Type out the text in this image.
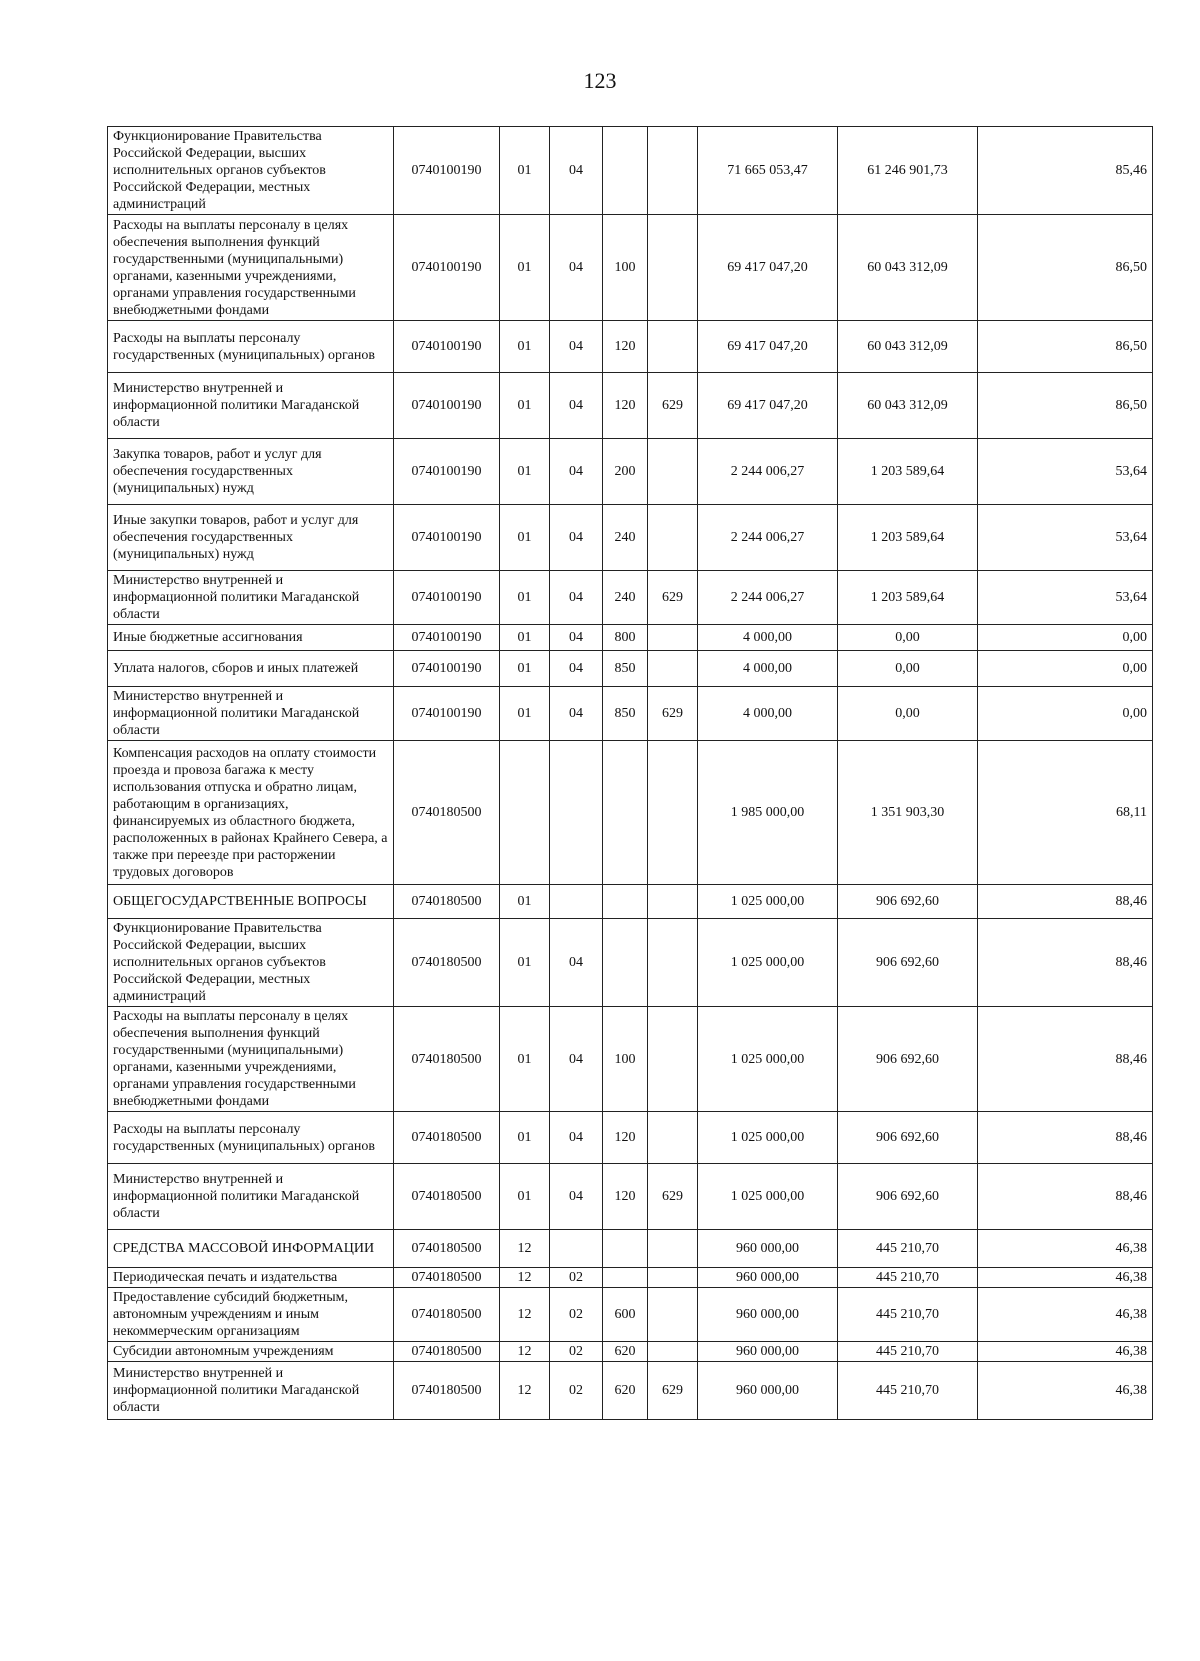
123
Функционирование Правительства Российской Федерации, высших исполнительных органов субъектов Российской Федерации, местных администраций	0740100190	01	04			71 665 053,47	61 246 901,73	85,46
Расходы на выплаты персоналу в целях обеспечения выполнения функций государственными (муниципальными) органами, казенными учреждениями, органами управления государственными внебюджетными фондами	0740100190	01	04	100		69 417 047,20	60 043 312,09	86,50
Расходы на выплаты персоналу государственных (муниципальных) органов	0740100190	01	04	120		69 417 047,20	60 043 312,09	86,50
Министерство внутренней и информационной политики Магаданской области	0740100190	01	04	120	629	69 417 047,20	60 043 312,09	86,50
Закупка товаров, работ и услуг для обеспечения государственных (муниципальных) нужд	0740100190	01	04	200		2 244 006,27	1 203 589,64	53,64
Иные закупки товаров, работ и услуг для обеспечения государственных (муниципальных) нужд	0740100190	01	04	240		2 244 006,27	1 203 589,64	53,64
Министерство внутренней и информационной политики Магаданской области	0740100190	01	04	240	629	2 244 006,27	1 203 589,64	53,64
Иные бюджетные ассигнования	0740100190	01	04	800		4 000,00	0,00	0,00
Уплата налогов, сборов и иных платежей	0740100190	01	04	850		4 000,00	0,00	0,00
Министерство внутренней и информационной политики Магаданской области	0740100190	01	04	850	629	4 000,00	0,00	0,00
Компенсация расходов на оплату стоимости проезда и провоза багажа к месту использования отпуска и обратно лицам, работающим в организациях, финансируемых из областного бюджета, расположенных в районах Крайнего Севера, а также при переезде при расторжении трудовых договоров	0740180500					1 985 000,00	1 351 903,30	68,11
ОБЩЕГОСУДАРСТВЕННЫЕ ВОПРОСЫ	0740180500	01				1 025 000,00	906 692,60	88,46
Функционирование Правительства Российской Федерации, высших исполнительных органов субъектов Российской Федерации, местных администраций	0740180500	01	04			1 025 000,00	906 692,60	88,46
Расходы на выплаты персоналу в целях обеспечения выполнения функций государственными (муниципальными) органами, казенными учреждениями, органами управления государственными внебюджетными фондами	0740180500	01	04	100		1 025 000,00	906 692,60	88,46
Расходы на выплаты персоналу государственных (муниципальных) органов	0740180500	01	04	120		1 025 000,00	906 692,60	88,46
Министерство внутренней и информационной политики Магаданской области	0740180500	01	04	120	629	1 025 000,00	906 692,60	88,46
СРЕДСТВА МАССОВОЙ ИНФОРМАЦИИ	0740180500	12				960 000,00	445 210,70	46,38
Периодическая печать и издательства	0740180500	12	02			960 000,00	445 210,70	46,38
Предоставление субсидий бюджетным, автономным учреждениям и иным некоммерческим организациям	0740180500	12	02	600		960 000,00	445 210,70	46,38
Субсидии автономным учреждениям	0740180500	12	02	620		960 000,00	445 210,70	46,38
Министерство внутренней и информационной политики Магаданской области	0740180500	12	02	620	629	960 000,00	445 210,70	46,38
